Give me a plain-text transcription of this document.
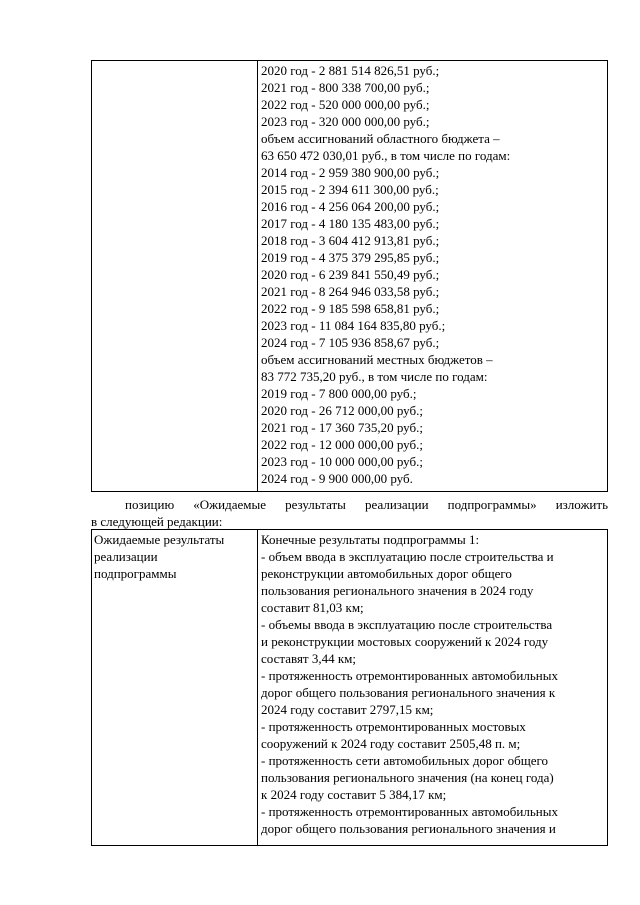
2020 год - 2 881 514 826,51 руб.;
2021 год - 800 338 700,00 руб.;
2022 год - 520 000 000,00 руб.;
2023 год - 320 000 000,00 руб.;
объем ассигнований областного бюджета –
63 650 472 030,01 руб., в том числе по годам:
2014 год - 2 959 380 900,00 руб.;
2015 год - 2 394 611 300,00 руб.;
2016 год - 4 256 064 200,00 руб.;
2017 год - 4 180 135 483,00 руб.;
2018 год - 3 604 412 913,81 руб.;
2019 год - 4 375 379 295,85 руб.;
2020 год - 6 239 841 550,49 руб.;
2021 год - 8 264 946 033,58 руб.;
2022 год - 9 185 598 658,81 руб.;
2023 год - 11 084 164 835,80 руб.;
2024 год - 7 105 936 858,67 руб.;
объем ассигнований местных бюджетов –
83 772 735,20 руб., в том числе по годам:
2019 год - 7 800 000,00 руб.;
2020 год - 26 712 000,00 руб.;
2021 год - 17 360 735,20 руб.;
2022 год - 12 000 000,00 руб.;
2023 год - 10 000 000,00 руб.;
2024 год - 9 900 000,00 руб.
позицию «Ожидаемые результаты реализации подпрограммы» изложить
в следующей редакции:
Ожидаемые результаты
реализации
подпрограммы
Конечные результаты подпрограммы 1:
- объем ввода в эксплуатацию после строительства и
реконструкции автомобильных дорог общего
пользования регионального значения в 2024 году
составит 81,03 км;
- объемы ввода в эксплуатацию после строительства
и реконструкции мостовых сооружений к 2024 году
составят 3,44 км;
- протяженность отремонтированных автомобильных
дорог общего пользования регионального значения к
2024 году составит 2797,15 км;
- протяженность отремонтированных мостовых
сооружений к 2024 году составит 2505,48 п. м;
- протяженность сети автомобильных дорог общего
пользования регионального значения (на конец года)
к 2024 году составит 5 384,17 км;
- протяженность отремонтированных автомобильных
дорог общего пользования регионального значения и
